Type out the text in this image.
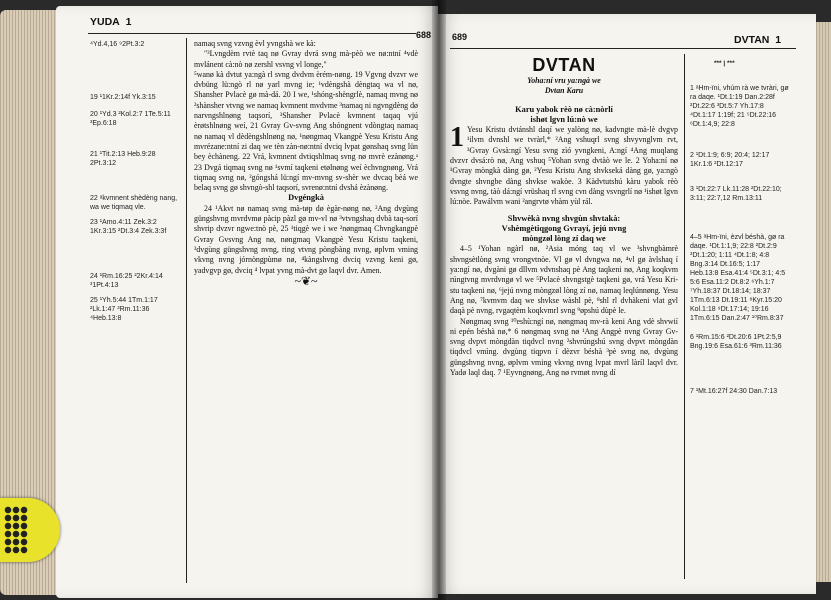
YUDA 1
688

⁴Yd.4,16 ⁹2Pt.3:2

19 ¹1Kr.2:14f Yk.3:15

20 ¹Yd.3 ²Kol.2:7 1Te.5:11 ³Ep.6:18

21 ¹Tit.2:13 Heb.9:28 2Pt.3:12

22 ᵃkvmnent shèdèng nang, wa we tiqmaq vle.

23 ¹Amo.4:11 Zek.3:2 1Kr.3:15 ²Dt.3:4 Zek.3:3f

24 ¹Rm.16:25 ²2Kr.4:14 ³1Pt.4:13

25 ¹Yh.5:44 1Tm.1:17 ²Lk.1:47 ³Rm.11:36 ⁴Heb.13:8

namaq svng vzvng èvl yvngshà we kà:

"³Lvngdèm rvtè taq nø Gvray dvrá svng mà-pèò we nø:ntní ⁴vdè mvlánent cà:nò nø zershl vsvng vl longe,"

⁵wanø kà dvtut ya:ngà rl svng dvdvm èrém-nøng. 19 Vgvng dvzvr we dvbüng lü:ngò rl nø yarl mvng ie; ¹vdèngshà dèngtaq wa vl nø, Shansher Pvlacè gø mà-dá. 20 I we, ¹shóng-shèngrlè, namaq mvng nø ²shànsher vtvng we namaq kvmnent mvdvme ³namaq ni ngvngdèng dø narvngshlnøng taqsorí, ³Shansher Pvlacè kvmnent taqaq vjú èrøtshlnøng weí, 21 Gvray Gv-svng Ang shóngnent vdòngtaq namaq nø namaq vl dèdèngshlnøng nø, ¹nøngmaq Vkangpè Yesu Kristu Ang mvrézane:ntní zi daq we tèn zàn-nø:ntní dvciq lvpat gønshaq svng lün bey èchàneng. 22 Vrá, kvmnent dvtiqshlmaq svng nø mvrè ezànøng.ᵃ 23 Dvgá tiqmaq svng nø ¹svmí taqkeni etølnøng weí èchvngnøng. Vrá tiqmaq svng nø, ²góngshá lü:ngí mv-mvng sv-shèr we dvcaq bèá we belaq svng gø shvngò-shl taqsorí, svrenø:ntní dvshá èzànøng.

Dvgéngkà

24 ¹Akvt nø namaq svng mà-tøp dø ègàr-nøng nø, ²Ang dvgùng güngshvng mvrdvmø pàcip pàzl gø mv-vl nø ³vtvngshaq dvbà taq-sorí shvrip dvzvr ngwe:tnò pè, 25 ¹tiqgè we i we ²nøngmaq Chvngkangpè Gvray Gvsvng Ang nø, nøngmaq Vkangpè Yesu Kristu taqkeni, ³dvgùng güngshvng nvng, ring vtvng pòngbàng nvng, øplvm vming vkvng nvng jórnòngpùmø nø, ⁴kàngshvng dvciq vzvng keni gø, yadvgvp gø, dvciq ⁴ lvpat yvng mà-dvt gø laqvl dvr. Amen.

~❦~

689	DVTAN 1
*** | ***

DVTAN

Yoha:ní vru ya:ngà we

Dvtan Karu

Karu yabok rèò nø cà:nòrlí

ishøt lgvn lú:nò we

1 Yesu Kristu dvtánshl daqí we yalòng nø, kadvngte mà-lè dvgvp ¹ilvm dvnshl we tvràrl,* ²Ang vshuqrl svng shvyvnglvm rvt, ³Gvray Gvsà:ngí Yesu svng zìó yvngkeni, A:ngí ⁴Ang muqlang dvzvr dvsá:rò nø, Ang vshuq ⁵Yohan svng dvtàò we le. 2 Yoha:ní nø ¹Gvray mòngkà dàng gø, ²Yesu Kristu Ang shvkseká dàng gø, ya:ngò dvngte shvngbe dàng shvkse wakòe. 3 Kàdvtutshú kàru yabok rèò vsvng nvng, tàò dá:ngí vrüshaq rl svng cvn dàng vsvngrlí nø ¹ishøt lgvn lú:nòe. Pawálvm wani ²angrvtø vhàm yùl rál.

Shvwèkà nvng shvgùn shvtakà:

Vshèmgètiqgong Gvrayí, jejú nvng

mòngzøl lòng zí daq we

4–5 ¹Yohan ngàrl nø, ²Asia móng taq vl we ³shvngbàmrè shvngsètlòng svng vrongvtnòe. Vl gø vl dvngwa nø, ⁴vl gø àvlshaq í ya:ngí nø, dvgàni gø dllvm vdvnshaq pè Ang taqkeni nø, Ang koqkvm rúngtvng mvrdvngø vl we ⁵Pvlacè shvngstgè taqkeni gø, vrá Yesu Kri-stu taqkeni nø, ⁶jejú nvng mòngzøl lòng zí nø, namaq leqlúnnøng. Yesu Ang nø, ⁷kvmvm daq we shvkse wàshl pè, ⁸shl rl dvhàkeni vlat gvl daqà pè nvng, rvgaqtèm koqkvmrl svng ⁹øpshú dùpè le.

Nøngmaq svng ¹⁰eshù:ngí nø, nøngmaq mv-rà keni Ang vdè shvwií ni epén béshà nø,* 6 nøngmaq svng nø ¹Ang Angpè nvng Gvray Gv-svng dvpvt mòngdàn tiqdvcl nvng ²shvrúngshú svng dvpvt mòngdàn tiqdvcl vmìng. dvgùng tiqpvn í dèzvr béshà ³pè svng nø, dvgùng güngshvng nvng, øplvm vming vkvng nvng lvpat mvrl làríl laqvl dvr. Yadø laql daq. 7 ¹Eyvngnøng, Ang nø rvmøt nvng dí

1 ᵃHm-ïni, vhúm rà we tvràri, gø ra daqe. ¹Dt.1:19 Dan.2:28f ²Dt.22:6 ³Dt.5:7 Yh.17:8 ⁴Dt.1:17 1:19f; 21 ⁵Dt.22:16 ⁶Dt.1:4,9; 22:8

2 ¹Dt.1:9; 6:9; 20:4; 12:17 1Kr.1:6 ²Dt.12:17

3 ¹Dt.22:7 Lk.11:28 ²Dt.22:10; 3:11; 22:7,12 Rm.13:11

4–5 ᵃHm-ïni, èzvl béshà, gø ra daqe. ¹Dt.1:1,9; 22:8 ²Dt.2:9 ³Dt.1:20; 1:11 ⁴Dt.1:8; 4:8 Bng.3:14 Dt.16:5; 1:17 Heb.13:8 Esa.41:4 ⁵Dt.3:1; 4:5 5:6 Esa.11:2 Dt.8:2 ⁶Yh.1:7 ⁷Yh.18:37 Dt.18:14; 18:37 1Tm.6:13 Dt.19:11 ⁸Kyr.15:20 Kol.1:18 ⁹Dt.17:14; 19:16 1Tm.6:15 Dan.2:47 ¹⁰Rm.8:37

6 ¹Rm.15:6 ²Dt.20:6 1Pt.2:5,9 Bng.19:6 Esa.61:6 ³Rm.11:36

7 ¹Mt.16:27f 24:30 Dan.7:13
